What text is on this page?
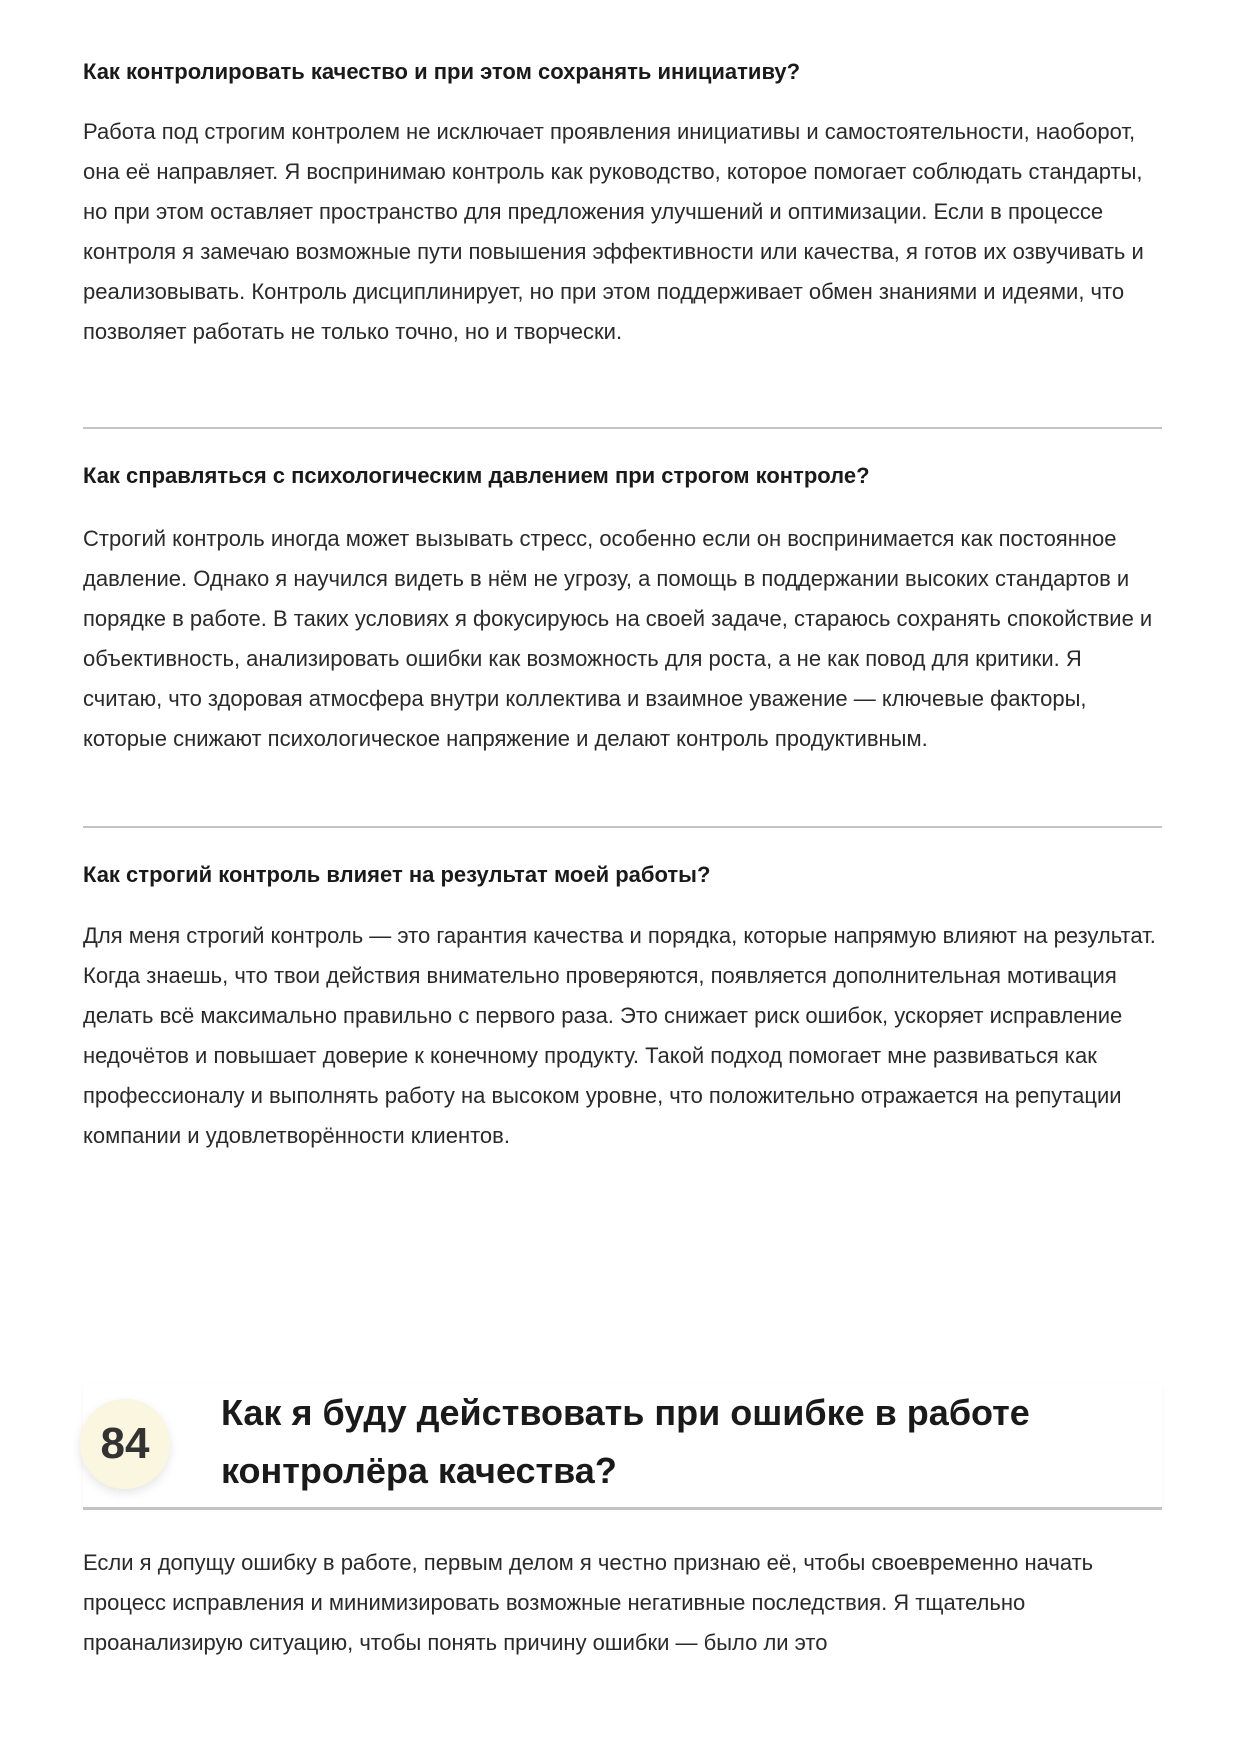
Как контролировать качество и при этом сохранять инициативу?

Работа под строгим контролем не исключает проявления инициативы и самостоятельности, наоборот, она её направляет. Я воспринимаю контроль как руководство, которое помогает соблюдать стандарты, но при этом оставляет пространство для предложения улучшений и оптимизации. Если в процессе контроля я замечаю возможные пути повышения эффективности или качества, я готов их озвучивать и реализовывать. Контроль дисциплинирует, но при этом поддерживает обмен знаниями и идеями, что позволяет работать не только точно, но и творчески.

Как справляться с психологическим давлением при строгом контроле?

Строгий контроль иногда может вызывать стресс, особенно если он воспринимается как постоянное давление. Однако я научился видеть в нём не угрозу, а помощь в поддержании высоких стандартов и порядке в работе. В таких условиях я фокусируюсь на своей задаче, стараюсь сохранять спокойствие и объективность, анализировать ошибки как возможность для роста, а не как повод для критики. Я считаю, что здоровая атмосфера внутри коллектива и взаимное уважение — ключевые факторы, которые снижают психологическое напряжение и делают контроль продуктивным.

Как строгий контроль влияет на результат моей работы?

Для меня строгий контроль — это гарантия качества и порядка, которые напрямую влияют на результат. Когда знаешь, что твои действия внимательно проверяются, появляется дополнительная мотивация делать всё максимально правильно с первого раза. Это снижает риск ошибок, ускоряет исправление недочётов и повышает доверие к конечному продукту. Такой подход помогает мне развиваться как профессионалу и выполнять работу на высоком уровне, что положительно отражается на репутации компании и удовлетворённости клиентов.

84
Как я буду действовать при ошибке в работе контролёра качества?

Если я допущу ошибку в работе, первым делом я честно признаю её, чтобы своевременно начать процесс исправления и минимизировать возможные негативные последствия. Я тщательно проанализирую ситуацию, чтобы понять причину ошибки — было ли это
